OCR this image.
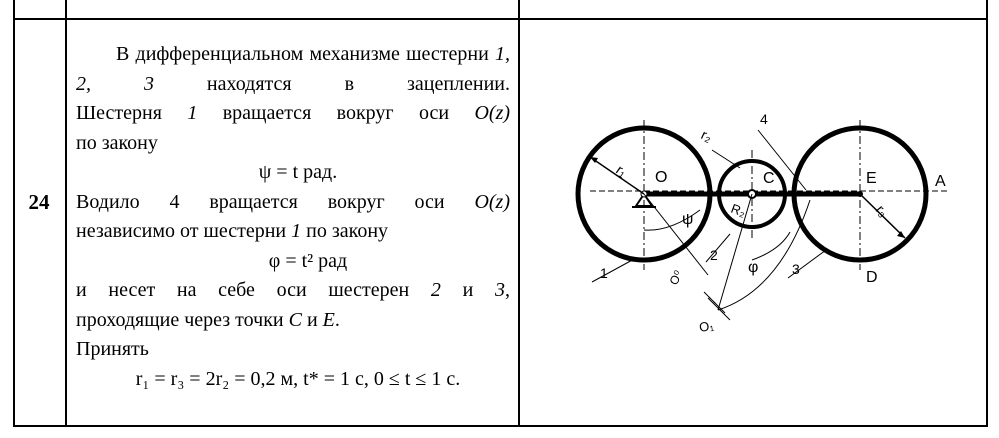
24
В дифференциальном механизме шестерни 1, 2, 3 находятся в зацеплении.
Шестерня 1 вращается вокруг оси O(z)
по закону
ψ = t рад.
Водило 4 вращается вокруг оси O(z)
независимо от шестерни 1 по закону
φ = t² рад
и несет на себе оси шестерен 2 и 3,
проходящие через точки C и E.
Принять
r₁ = r₃ = 2r₂ = 0,2 м, t* = 1 с, 0 ≤ t ≤ 1 с.
O	C	E	A
D
r₁
r₂
r₃
R₂
ψ
φ
O₁
O⁰
1
2
3
4
